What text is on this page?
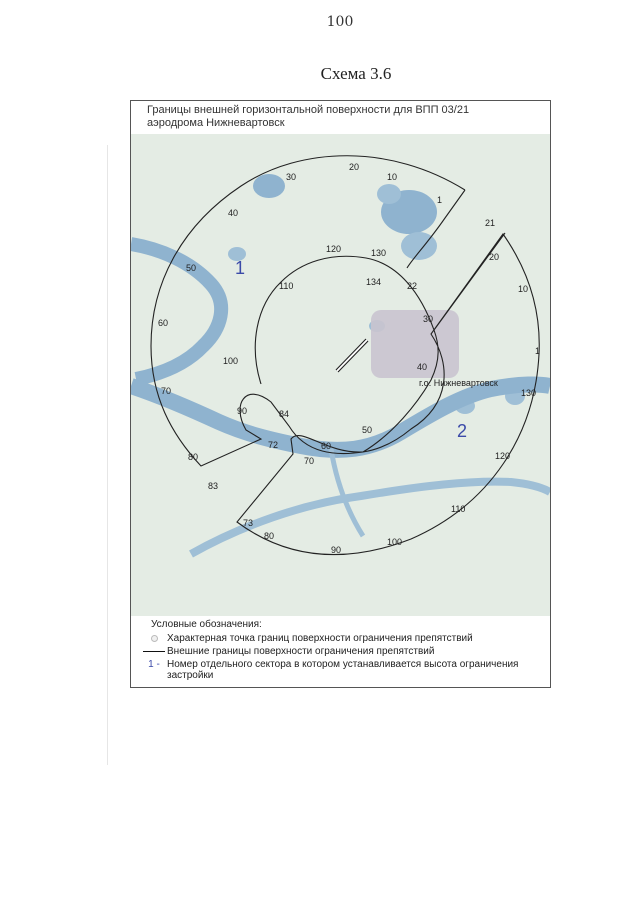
100
Схема 3.6
Границы внешней горизонтальной поверхности для ВПП 03/21
аэродрома Нижневартовск
г.о. Нижневартовск
1
2
30
20
10
1
40
21
20
50
120	130
134	22	10
110
60	30
1
100
40
70	130
90	84
50
72	60
70
80	120
83
110
73
80
90
100
Условные обозначения:
Характерная точка границ поверхности ограничения препятствий
Внешние границы поверхности ограничения препятствий
1 - Номер отдельного сектора в котором устанавливается высота ограничения застройки
